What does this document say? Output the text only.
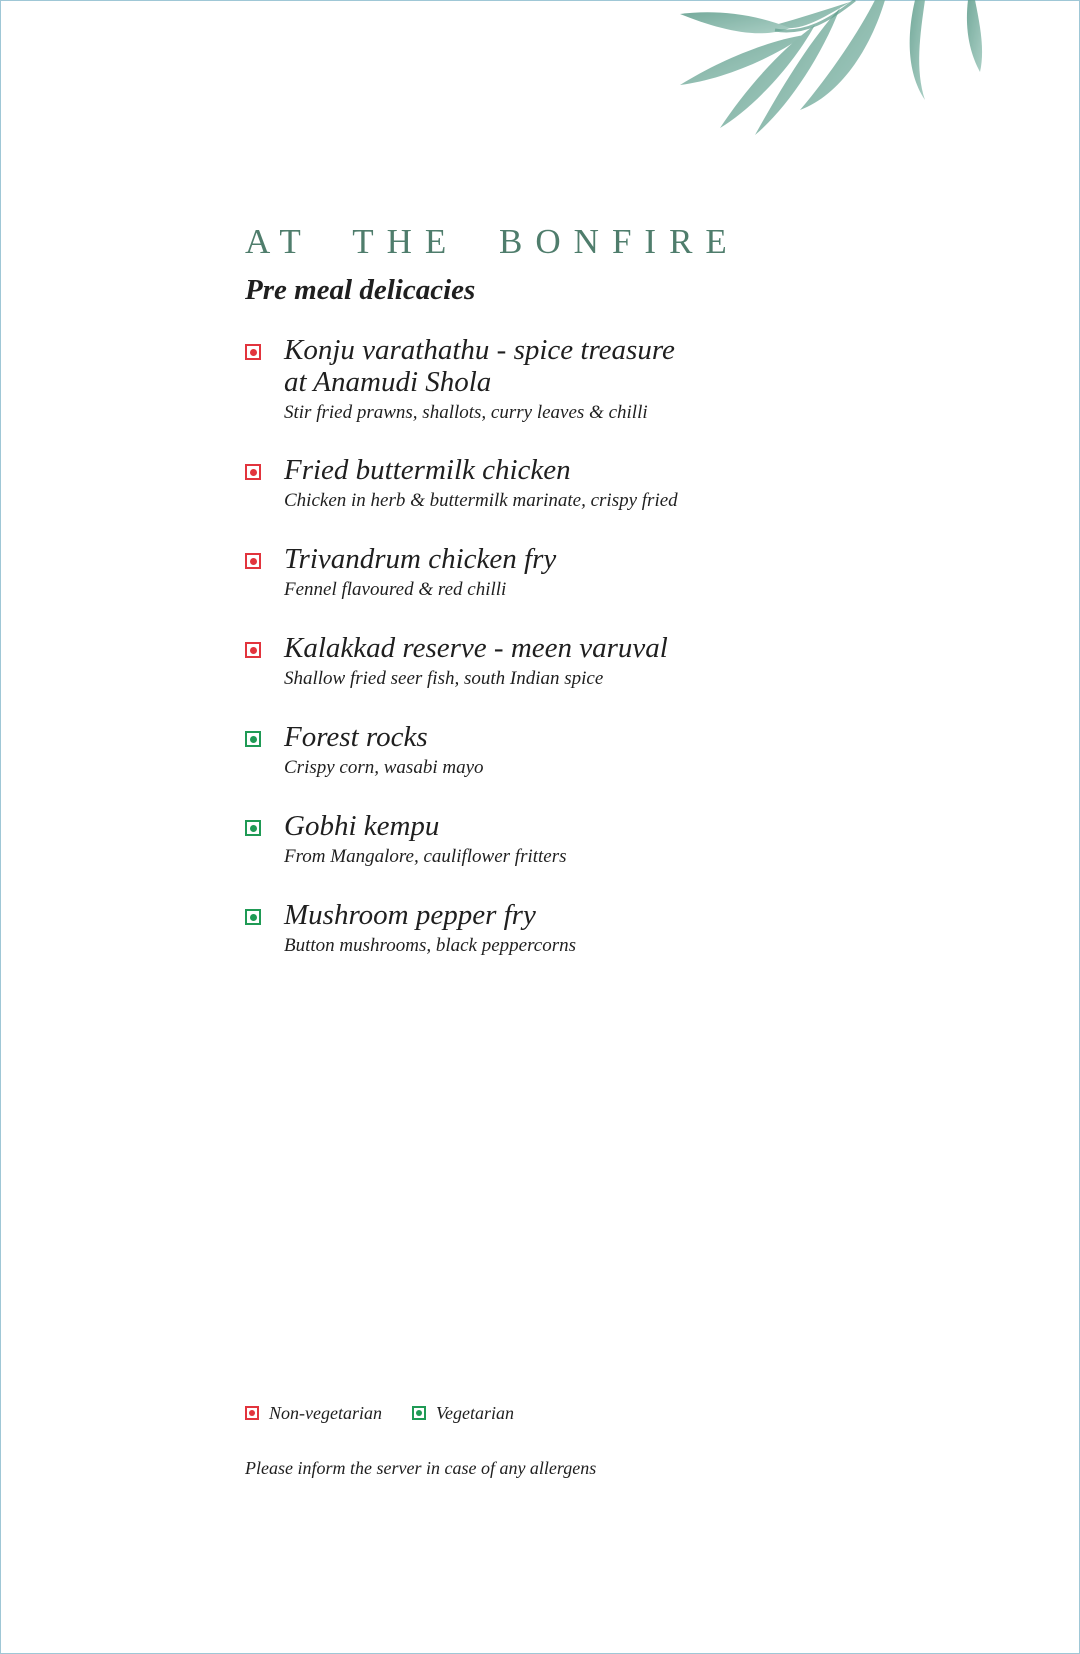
AT THE BONFIRE
Pre meal delicacies
Konju varathathu - spice treasure
at Anamudi Shola
Stir fried prawns, shallots, curry leaves & chilli
Fried buttermilk chicken
Chicken in herb & buttermilk marinate, crispy fried
Trivandrum chicken fry
Fennel flavoured & red chilli
Kalakkad reserve - meen varuval
Shallow fried seer fish, south Indian spice
Forest rocks
Crispy corn, wasabi mayo
Gobhi kempu
From Mangalore, cauliflower fritters
Mushroom pepper fry
Button mushrooms, black peppercorns
Non-vegetarian	Vegetarian

Please inform the server in case of any allergens
